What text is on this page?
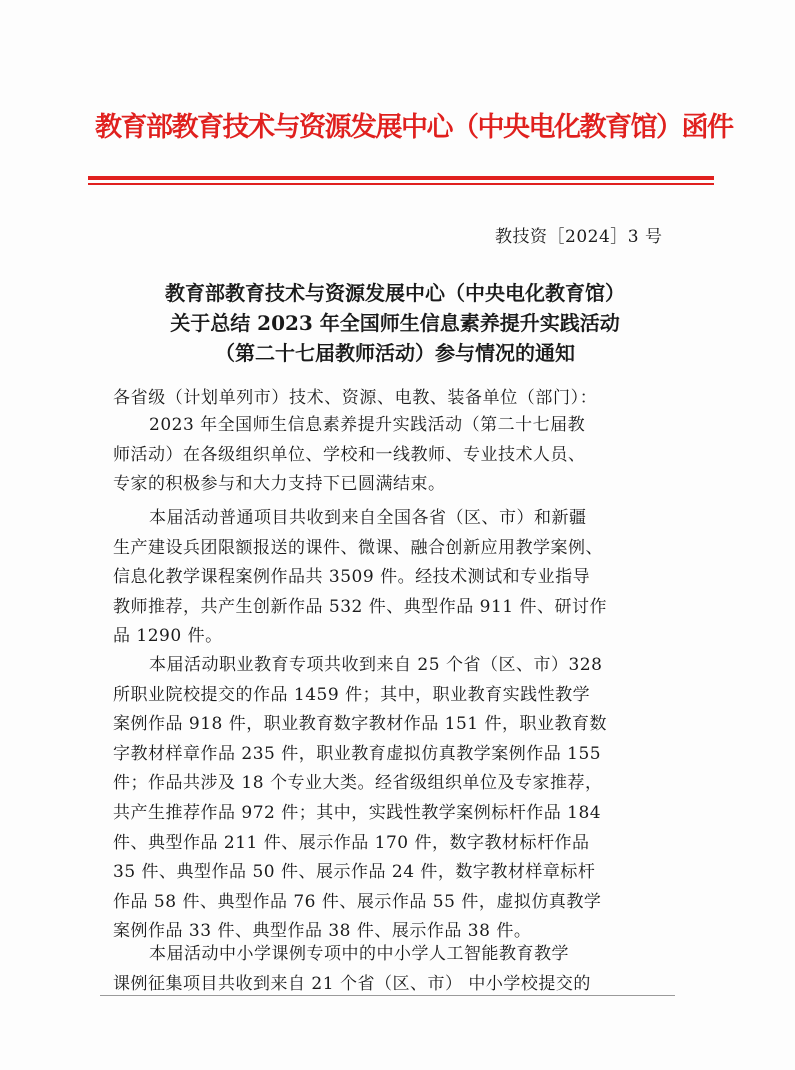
教育部教育技术与资源发展中心（中央电化教育馆）函件
教技资［2024］3 号
教育部教育技术与资源发展中心（中央电化教育馆）
关于总结 2023 年全国师生信息素养提升实践活动
（第二十七届教师活动）参与情况的通知
各省级（计划单列市）技术、资源、电教、装备单位（部门）：
2023 年全国师生信息素养提升实践活动（第二十七届教
师活动）在各级组织单位、学校和一线教师、专业技术人员、
专家的积极参与和大力支持下已圆满结束。
本届活动普通项目共收到来自全国各省（区、市）和新疆
生产建设兵团限额报送的课件、微课、融合创新应用教学案例、
信息化教学课程案例作品共 3509 件。经技术测试和专业指导
教师推荐，共产生创新作品 532 件、典型作品 911 件、研讨作
品 1290 件。
本届活动职业教育专项共收到来自 25 个省（区、市）328
所职业院校提交的作品 1459 件；其中，职业教育实践性教学
案例作品 918 件，职业教育数字教材作品 151 件，职业教育数
字教材样章作品 235 件，职业教育虚拟仿真教学案例作品 155
件；作品共涉及 18 个专业大类。经省级组织单位及专家推荐，
共产生推荐作品 972 件；其中，实践性教学案例标杆作品 184
件、典型作品 211 件、展示作品 170 件，数字教材标杆作品
35 件、典型作品 50 件、展示作品 24 件，数字教材样章标杆
作品 58 件、典型作品 76 件、展示作品 55 件，虚拟仿真教学
案例作品 33 件、典型作品 38 件、展示作品 38 件。
本届活动中小学课例专项中的中小学人工智能教育教学
课例征集项目共收到来自 21 个省（区、市） 中小学校提交的
